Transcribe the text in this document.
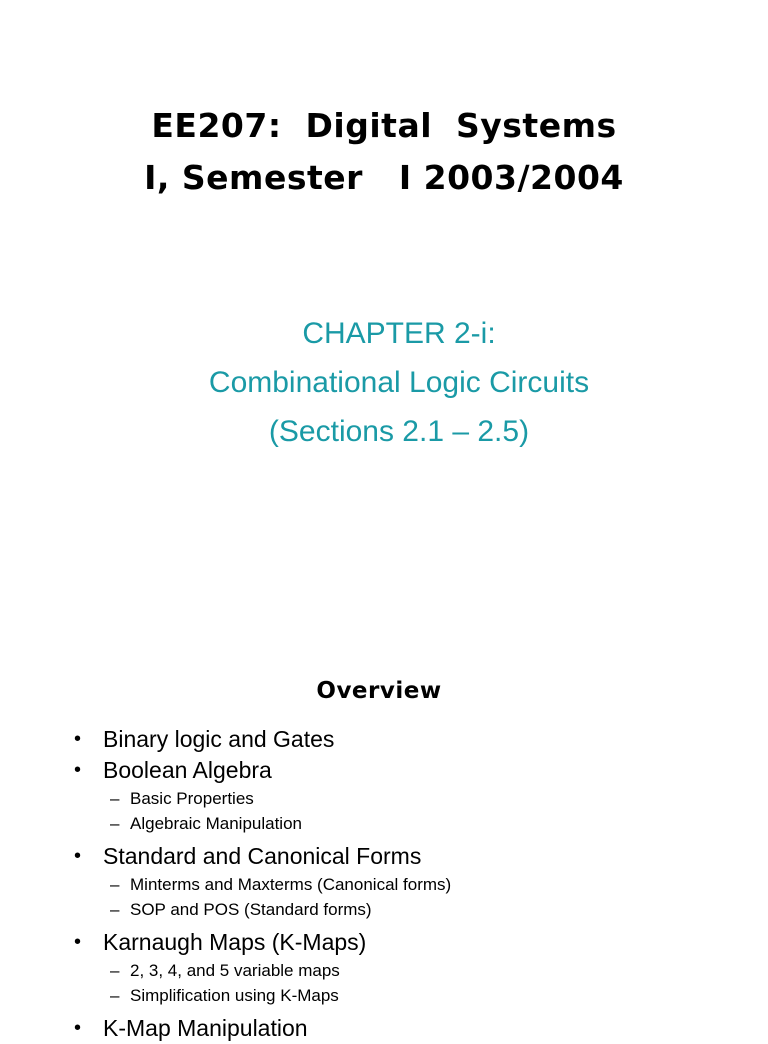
EE207:  Digital  Systems
I, Semester   I 2003/2004
CHAPTER 2-i:
Combinational Logic Circuits
(Sections 2.1 – 2.5)
Overview
• Binary logic and Gates
• Boolean Algebra
– Basic Properties
– Algebraic Manipulation
• Standard and Canonical Forms
– Minterms and Maxterms (Canonical forms)
– SOP and POS (Standard forms)
• Karnaugh Maps (K-Maps)
– 2, 3, 4, and 5 variable maps
– Simplification using K-Maps
• K-Map Manipulation
